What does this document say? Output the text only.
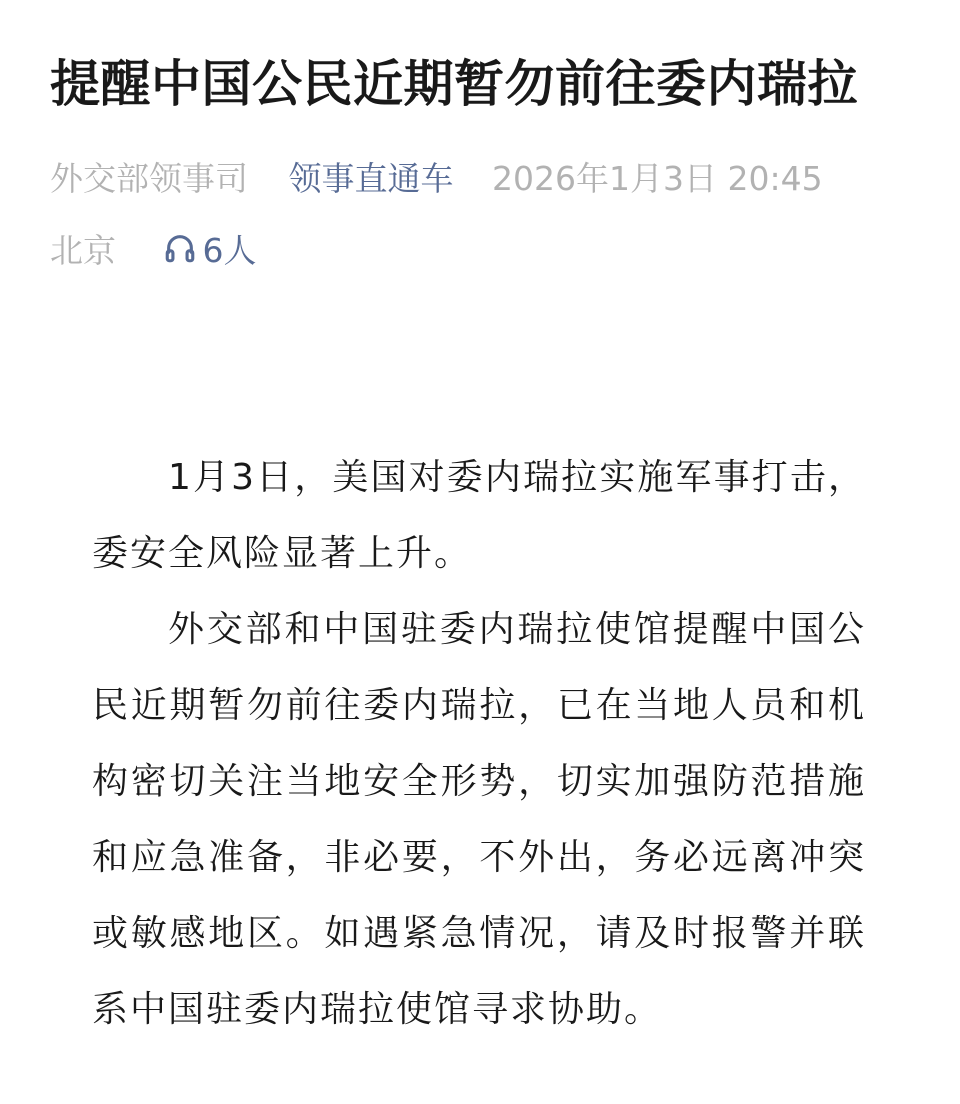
提醒中国公民近期暂勿前往委内瑞拉
外交部领事司 领事直通车 2026年1月3日 20:45
北京	6人

1月3日，美国对委内瑞拉实施军事打击，委安全风险显著上升。

外交部和中国驻委内瑞拉使馆提醒中国公民近期暂勿前往委内瑞拉，已在当地人员和机构密切关注当地安全形势，切实加强防范措施和应急准备，非必要，不外出，务必远离冲突或敏感地区。如遇紧急情况，请及时报警并联系中国驻委内瑞拉使馆寻求协助。
